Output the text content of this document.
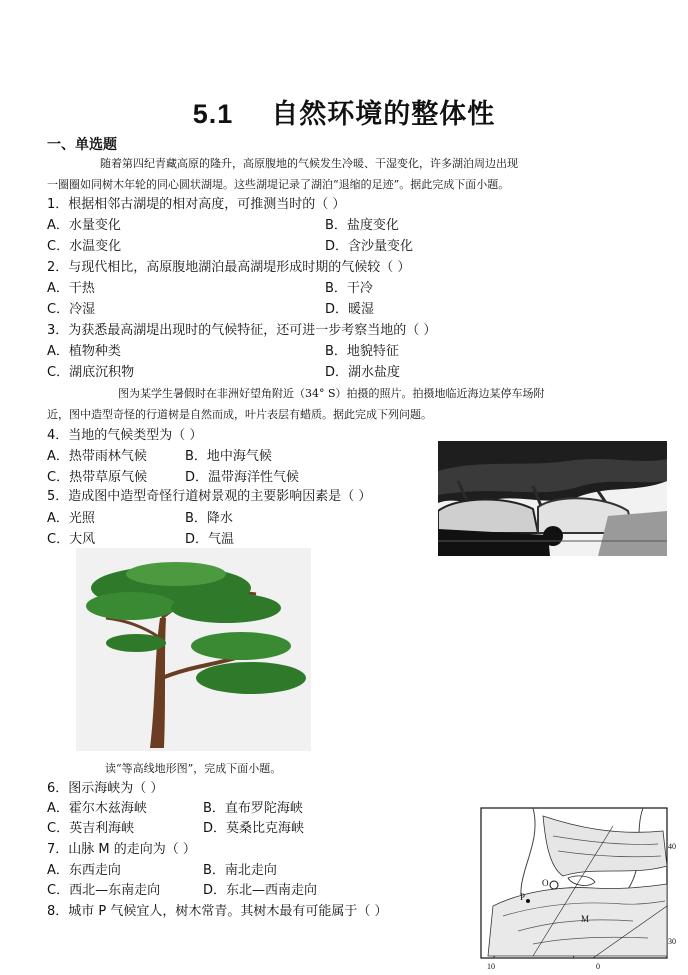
5.1 自然环境的整体性
一、单选题
随着第四纪青藏高原的隆升，高原腹地的气候发生冷暖、干湿变化，许多湖泊周边出现
一圈圈如同树木年轮的同心圆状湖堤。这些湖堤记录了湖泊“退缩的足迹”。据此完成下面小题。
1．根据相邻古湖堤的相对高度，可推测当时的（ ）
A．水量变化	B．盐度变化
C．水温变化	D．含沙量变化
2．与现代相比，高原腹地湖泊最高湖堤形成时期的气候较（ ）
A．干热	B．干冷
C．冷湿	D．暖湿
3．为获悉最高湖堤出现时的气候特征，还可进一步考察当地的（ ）
A．植物种类	B．地貌特征
C．湖底沉积物	D．湖水盐度
图为某学生暑假时在非洲好望角附近（34° S）拍摄的照片。拍摄地临近海边某停车场附
近，图中造型奇怪的行道树是自然而成，叶片表层有蜡质。据此完成下列问题。
4．当地的气候类型为（ ）
A．热带雨林气候	B．地中海气候
C．热带草原气候	D．温带海洋性气候
5．造成图中造型奇怪行道树景观的主要影响因素是（ ）
A．光照	B．降水
C．大风	D．气温
读“等高线地形图”，完成下面小题。
6．图示海峡为（ ）
A．霍尔木兹海峡	B．直布罗陀海峡
C．英吉利海峡	D．莫桑比克海峡
7．山脉 M 的走向为（ ）
A．东西走向	B．南北走向
C．西北—东南走向	D．东北—西南走向
8．城市 P 气候宜人，树木常青。其树木最有可能属于（ ）
O
P
M
40
30
10	0
